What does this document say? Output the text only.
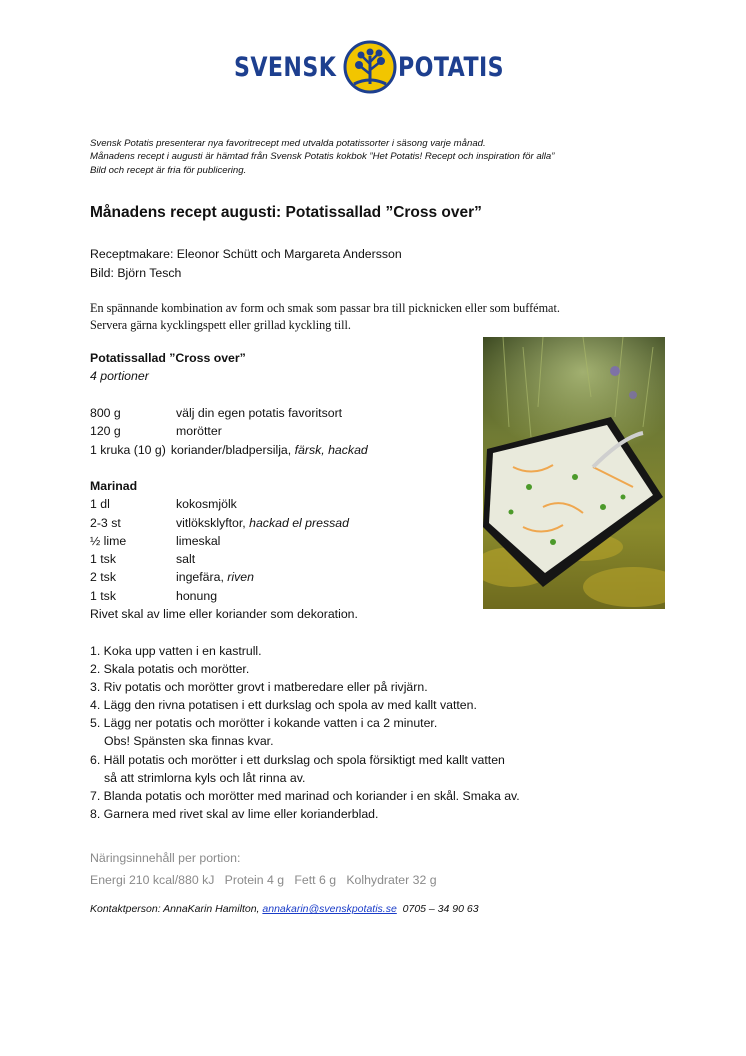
SVENSK POTATIS
Svensk Potatis presenterar nya favoritrecept med utvalda potatissorter i säsong varje månad.
Månadens recept i augusti är hämtad från Svensk Potatis kokbok ”Het Potatis! Recept och inspiration för alla”
Bild och recept är fria för publicering.
Månadens recept augusti: Potatissallad ”Cross over”
Receptmakare: Eleonor Schütt och Margareta Andersson
Bild: Björn Tesch
En spännande kombination av form och smak som passar bra till picknicken eller som buffémat.
Servera gärna kycklingspett eller grillad kyckling till.
Potatissallad ”Cross over”
4 portioner
800 g	välj din egen potatis favoritsort
120 g	morötter
1 kruka (10 g) koriander/bladpersilja,
färsk, hackad
Marinad
1 dl	kokosmjölk
2-3 st	vitlöksklyftor,
hackad el pressad
½ lime	limeskal
1 tsk	salt
2 tsk	ingefära,
riven
1 tsk	honung
Rivet skal av lime eller koriander som dekoration.
1. Koka upp vatten i en kastrull.
2. Skala potatis och morötter.
3. Riv potatis och morötter grovt i matberedare eller på rivjärn.
4. Lägg den rivna potatisen i ett durkslag och spola av med kallt vatten.
5. Lägg ner potatis och morötter i kokande vatten i ca 2 minuter.
Obs! Spänsten ska finnas kvar.
6. Häll potatis och morötter i ett durkslag och spola försiktigt med kallt vatten
så att strimlorna kyls och låt rinna av.
7. Blanda potatis och morötter med marinad och koriander i en skål. Smaka av.
8. Garnera med rivet skal av lime eller korianderblad.
Näringsinnehåll per portion:
Energi 210 kcal/880 kJ   Protein 4 g   Fett 6 g   Kolhydrater 32 g
Kontaktperson: AnnaKarin Hamilton, annakarin@svenskpotatis.se 0705 – 34 90 63
